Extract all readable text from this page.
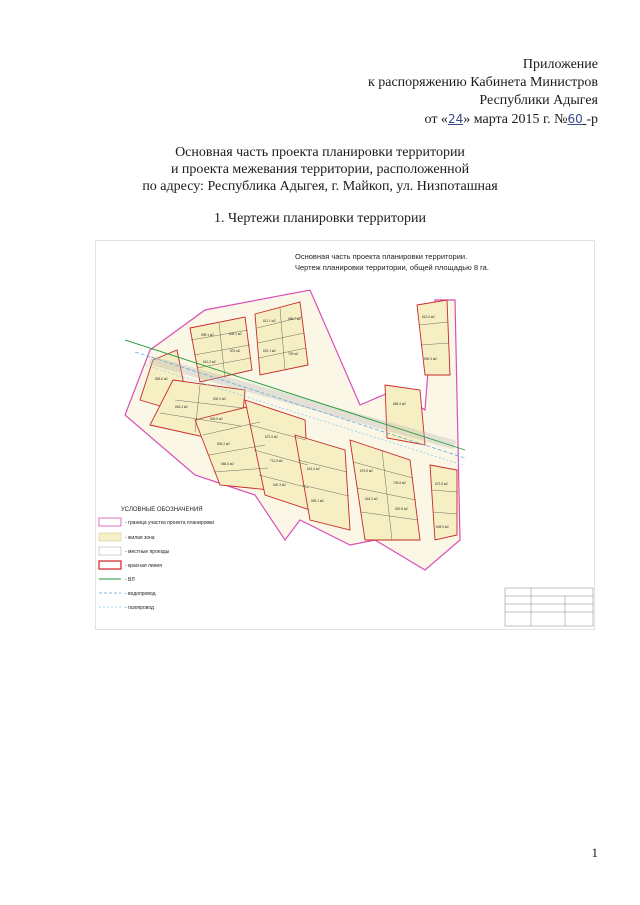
Приложение
к распоряжению Кабинета Министров
Республики Адыгея
от «24» марта 2015 г. №60 -р
Основная часть проекта планировки территории
и проекта межевания территории, расположенной
по адресу: Республика Адыгея, г. Майкоп, ул. Низпоташная
1. Чертежи планировки территории
Основная часть проекта планировки территории.
Чертеж планировки территории, общей площадью 8 га.
595.1 м2	608.1 м2
610.3 м2
876 м2
611.1 м2	688.7 м2
620.1 м2
709 м2
583.6 м2
663.4 м2
600.0 м2
605.5 м2
606.2 м2
666.6 м2
672.5 м2
712.5 м2
640.3 м2
615.4 м2
595.1 м2
673.5 м2
705.8 м2
618.3 м2
600.8 м2
665.4 м2
612.6 м2
690.3 м2
673.8 м2
608.9 м2
УСЛОВНЫЕ ОБОЗНАЧЕНИЯ
- граница участка проекта планировки
- жилая зона
- местные проезды
- красная линия
- ВЛ
- водопровод
- газопровод
1
